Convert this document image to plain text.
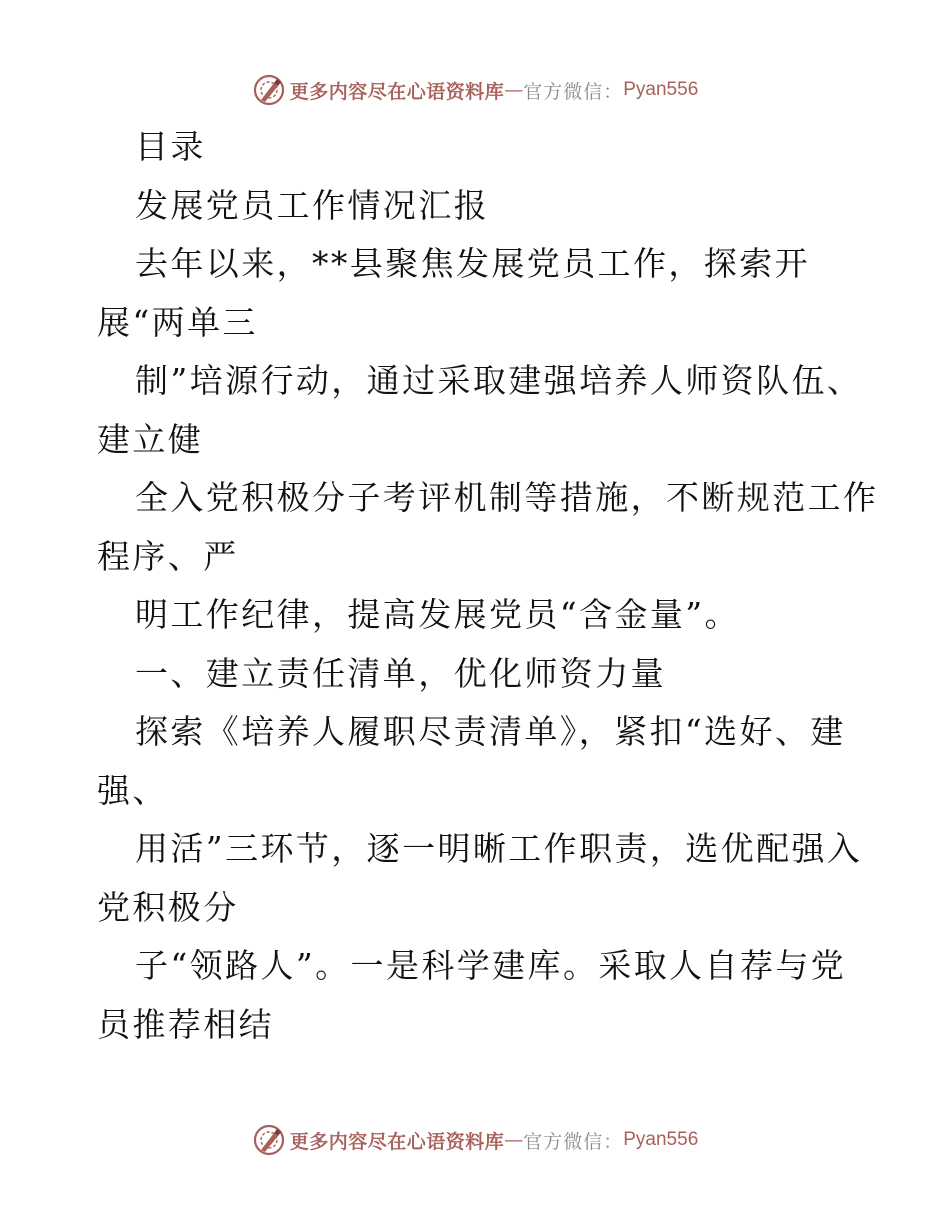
更多内容尽在心语资料库 — 官方微信： Pyan556
目录
发展党员工作情况汇报
去年以来，**县聚焦发展党员工作，探索开
展“两单三
制”培源行动，通过采取建强培养人师资队伍、
建立健
全入党积极分子考评机制等措施，不断规范工作
程序、严
明工作纪律，提高发展党员“含金量”。
一、建立责任清单，优化师资力量
探索《培养人履职尽责清单》，紧扣“选好、建
强、
用活”三环节，逐一明晰工作职责，选优配强入
党积极分
子“领路人”。一是科学建库。采取人自荐与党
员推荐相结
更多内容尽在心语资料库 — 官方微信： Pyan556
